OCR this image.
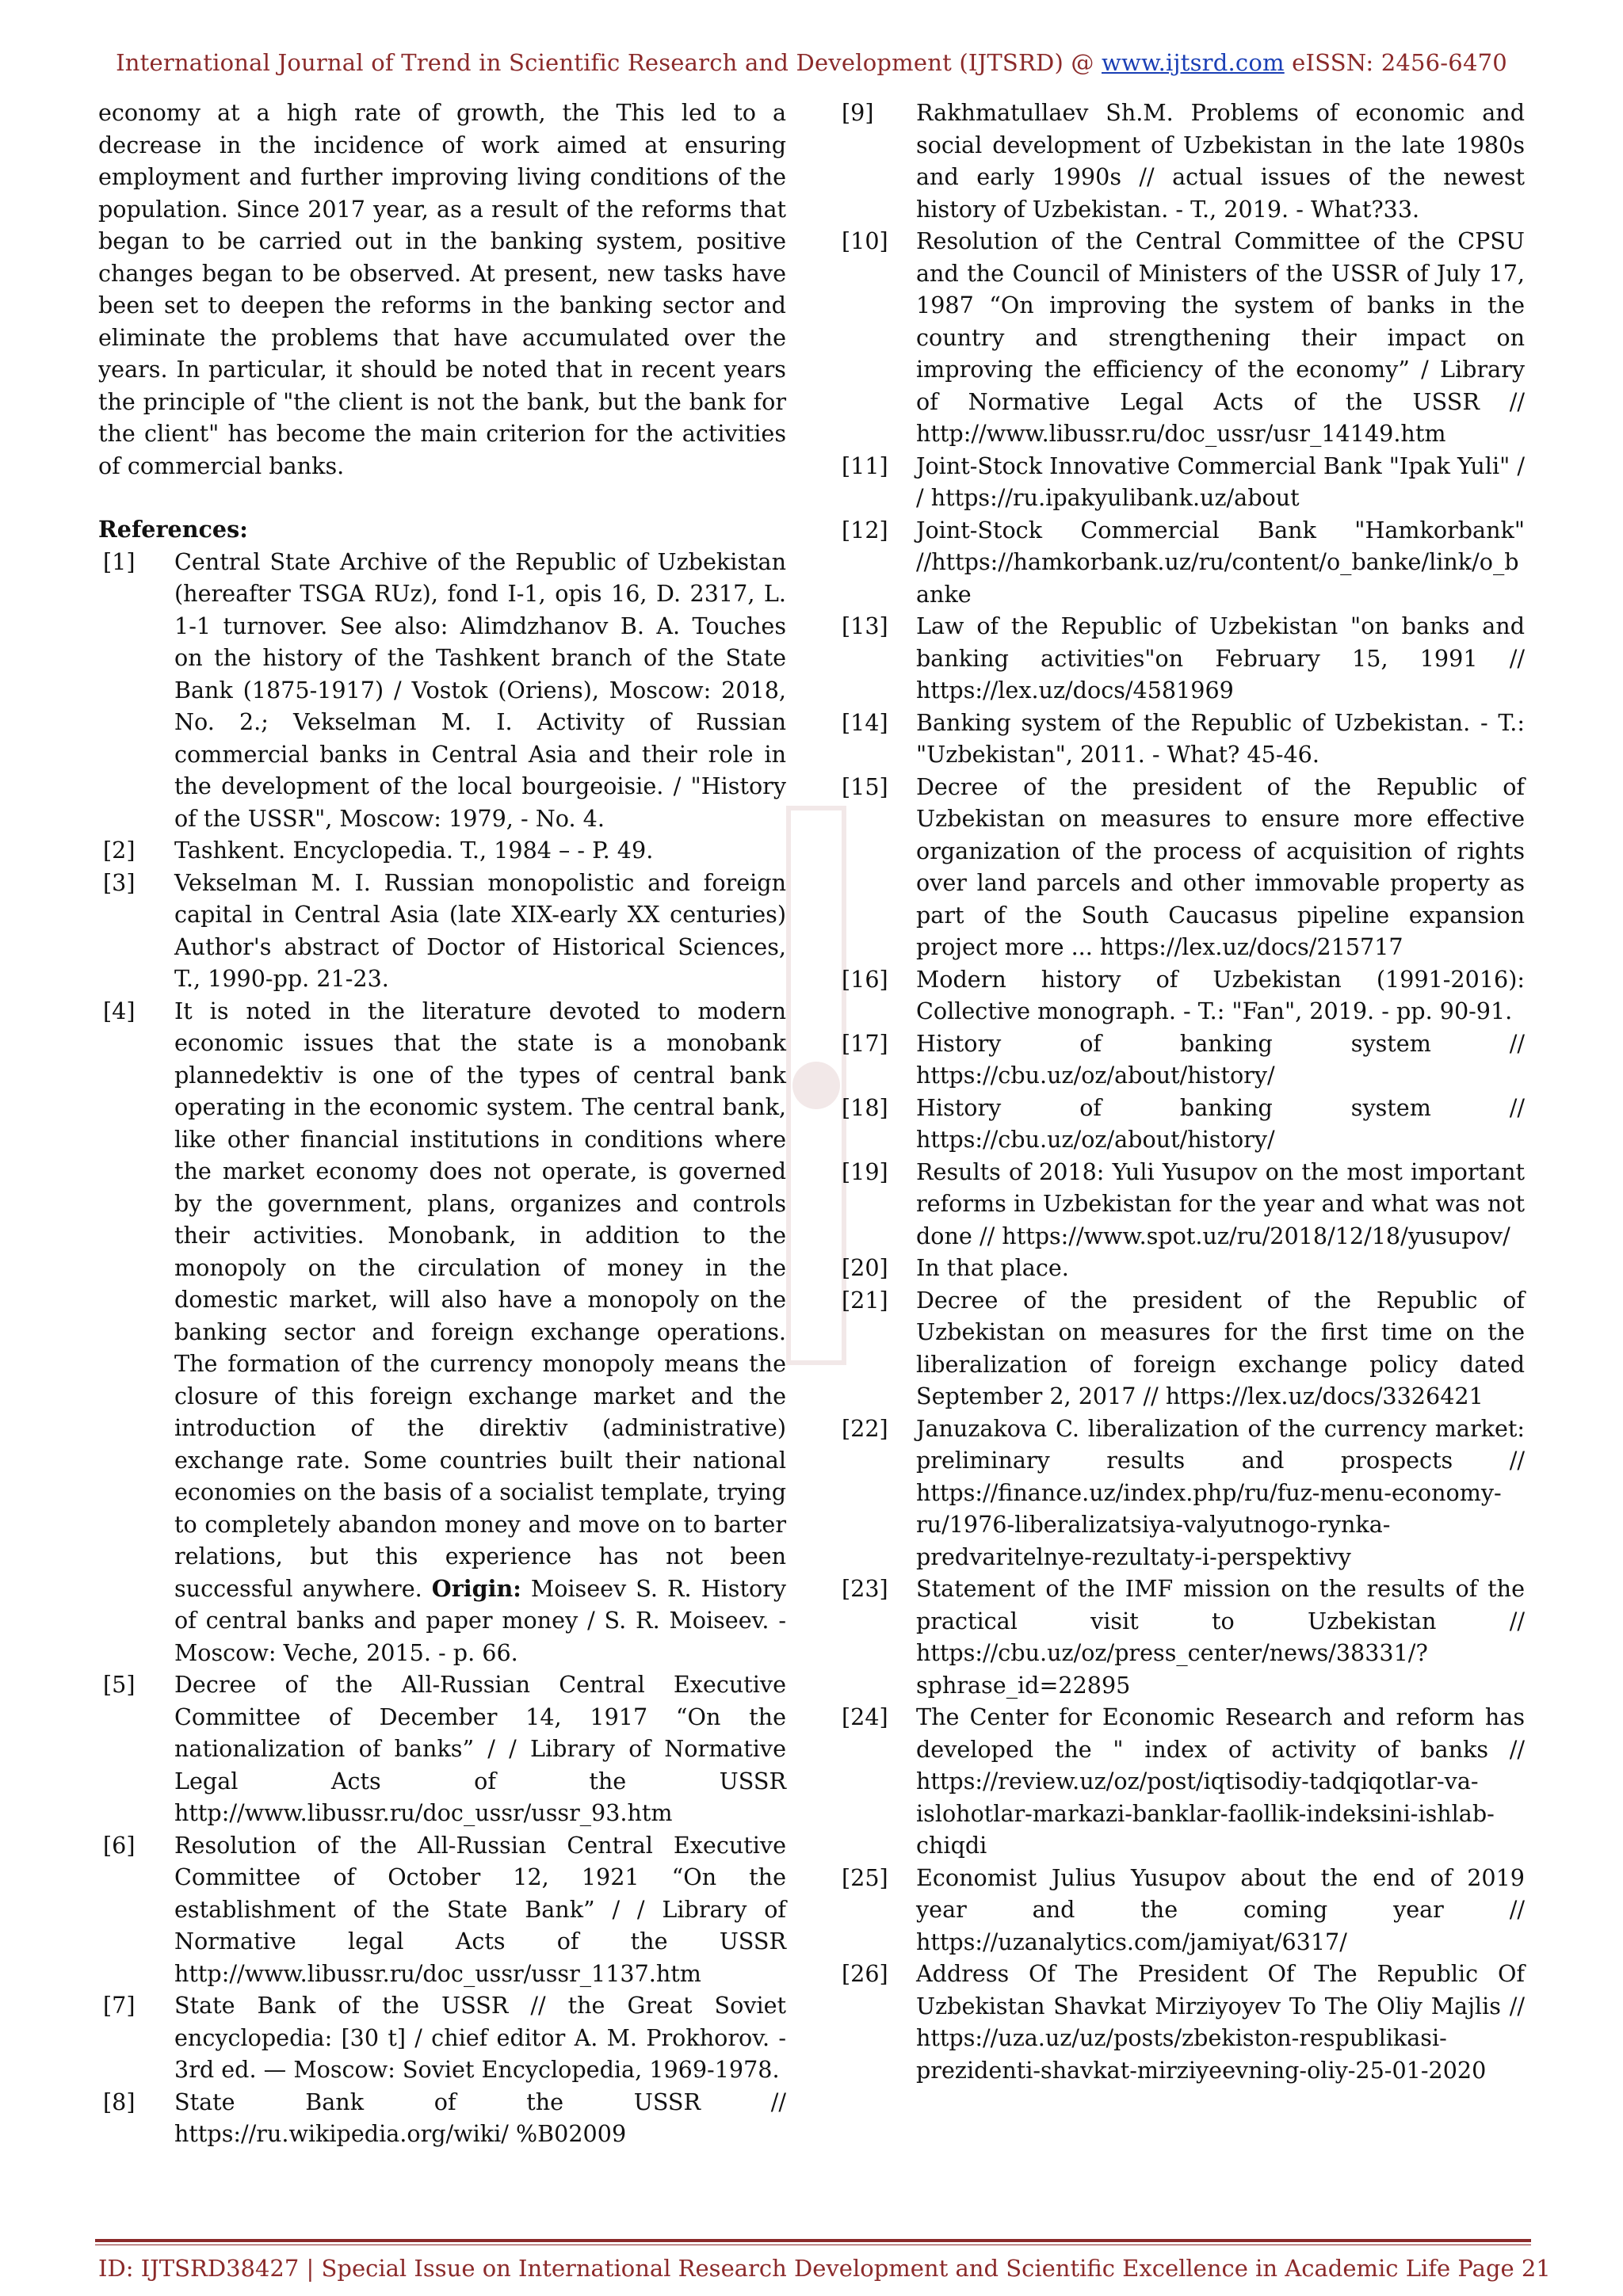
International Journal of Trend in Scientific Research and Development (IJTSRD) @ www.ijtsrd.com eISSN: 2456-6470

economy at a high rate of growth, the This led to a decrease in the incidence of work aimed at ensuring employment and further improving living conditions of the population. Since 2017 year, as a result of the reforms that began to be carried out in the banking system, positive changes began to be observed. At present, new tasks have been set to deepen the reforms in the banking sector and eliminate the problems that have accumulated over the years. In particular, it should be noted that in recent years the principle of "the client is not the bank, but the bank for the client" has become the main criterion for the activities of commercial banks.

References:

[1]	Central State Archive of the Republic of Uzbekistan (hereafter TSGA RUz), fond I-1, opis 16, D. 2317, L. 1-1 turnover. See also: Alimdzhanov B. A. Touches on the history of the Tashkent branch of the State Bank (1875-1917) / Vostok (Oriens), Moscow: 2018, No. 2.; Vekselman M. I. Activity of Russian commercial banks in Central Asia and their role in the development of the local bourgeoisie. / "History of the USSR", Moscow: 1979, - No. 4.
[2]	Tashkent. Encyclopedia. T., 1984 – - P. 49.
[3]	Vekselman M. I. Russian monopolistic and foreign capital in Central Asia (late XIX-early XX centuries) Author's abstract of Doctor of Historical Sciences, T., 1990-pp. 21-23.
[4]	It is noted in the literature devoted to modern economic issues that the state is a monobank plannedektiv is one of the types of central bank operating in the economic system. The central bank, like other financial institutions in conditions where the market economy does not operate, is governed by the government, plans, organizes and controls their activities. Monobank, in addition to the monopoly on the circulation of money in the domestic market, will also have a monopoly on the banking sector and foreign exchange operations. The formation of the currency monopoly means the closure of this foreign exchange market and the introduction of the direktiv (administrative) exchange rate. Some countries built their national economies on the basis of a socialist template, trying to completely abandon money and move on to barter relations, but this experience has not been successful anywhere. Origin: Moiseev S. R. History of central banks and paper money / S. R. Moiseev. - Moscow: Veche, 2015. - p. 66.
[5]	Decree of the All-Russian Central Executive Committee of December 14, 1917 “On the nationalization of banks” / / Library of Normative Legal Acts of the USSR http://www.libussr.ru/doc_ussr/ussr_93.htm
[6]	Resolution of the All-Russian Central Executive Committee of October 12, 1921 “On the establishment of the State Bank” / / Library of Normative legal Acts of the USSR http://www.libussr.ru/doc_ussr/ussr_1137.htm
[7]	State Bank of the USSR // the Great Soviet encyclopedia: [30 t] / chief editor A. M. Prokhorov. - 3rd ed. — Moscow: Soviet Encyclopedia, 1969-1978.
[8]	State Bank of the USSR // https://ru.wikipedia.org/wiki/ %B02009
[9]	Rakhmatullaev Sh.M. Problems of economic and social development of Uzbekistan in the late 1980s and early 1990s // actual issues of the newest history of Uzbekistan. - T., 2019. - What?33.
[10]	Resolution of the Central Committee of the CPSU and the Council of Ministers of the USSR of July 17, 1987 “On improving the system of banks in the country and strengthening their impact on improving the efficiency of the economy” / Library of Normative Legal Acts of the USSR // http://www.libussr.ru/doc_ussr/usr_14149.htm
[11]	Joint-Stock Innovative Commercial Bank "Ipak Yuli" / / https://ru.ipakyulibank.uz/about
[12]	Joint-Stock Commercial Bank "Hamkorbank" //https://hamkorbank.uz/ru/content/o_banke/link/o_banke
[13]	Law of the Republic of Uzbekistan "on banks and banking activities"on February 15, 1991 // https://lex.uz/docs/4581969
[14]	Banking system of the Republic of Uzbekistan. - T.: "Uzbekistan", 2011. - What? 45-46.
[15]	Decree of the president of the Republic of Uzbekistan on measures to ensure more effective organization of the process of acquisition of rights over land parcels and other immovable property as part of the South Caucasus pipeline expansion project more ... https://lex.uz/docs/215717
[16]	Modern history of Uzbekistan (1991-2016): Collective monograph. - T.: "Fan", 2019. - pp. 90-91.
[17]	History of banking system // https://cbu.uz/oz/about/history/
[18]	History of banking system // https://cbu.uz/oz/about/history/
[19]	Results of 2018: Yuli Yusupov on the most important reforms in Uzbekistan for the year and what was not done // https://www.spot.uz/ru/2018/12/18/yusupov/
[20]	In that place.
[21]	Decree of the president of the Republic of Uzbekistan on measures for the first time on the liberalization of foreign exchange policy dated September 2, 2017 // https://lex.uz/docs/3326421
[22]	Januzakova C. liberalization of the currency market: preliminary results and prospects // https://finance.uz/index.php/ru/fuz-menu-economy-ru/1976-liberalizatsiya-valyutnogo-rynka-predvaritelnye-rezultaty-i-perspektivy
[23]	Statement of the IMF mission on the results of the practical visit to Uzbekistan // https://cbu.uz/oz/press_center/news/38331/?sphrase_id=22895
[24]	The Center for Economic Research and reform has developed the " index of activity of banks // https://review.uz/oz/post/iqtisodiy-tadqiqotlar-va-islohotlar-markazi-banklar-faollik-indeksini-ishlab-chiqdi
[25]	Economist Julius Yusupov about the end of 2019 year and the coming year // https://uzanalytics.com/jamiyat/6317/
[26]	Address Of The President Of The Republic Of Uzbekistan Shavkat Mirziyoyev To The Oliy Majlis // https://uza.uz/uz/posts/zbekiston-respublikasi-prezidenti-shavkat-mirziyeevning-oliy-25-01-2020
ID: IJTSRD38427 | Special Issue on International Research Development and Scientific Excellence in Academic Life Page 21
